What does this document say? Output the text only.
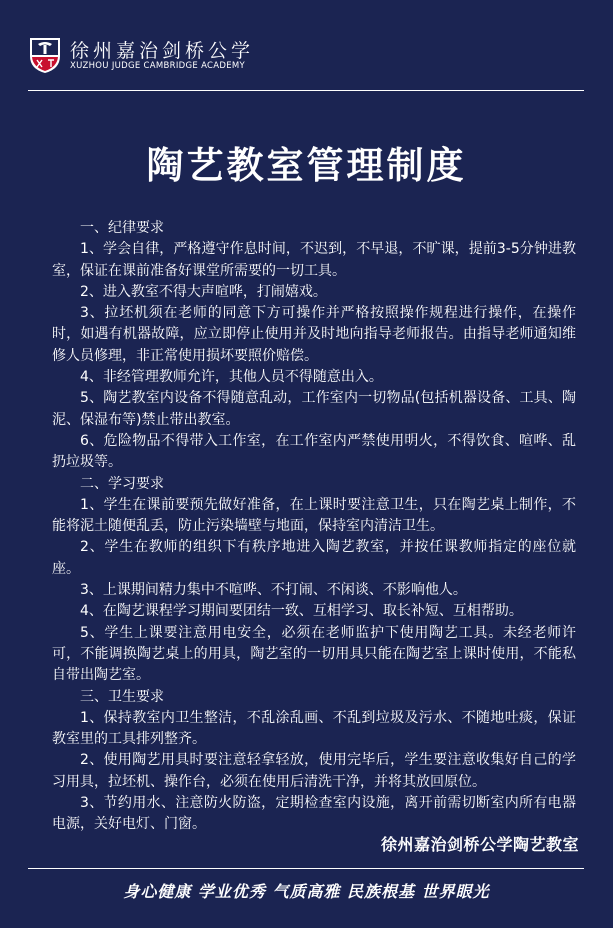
徐州嘉治剑桥公学
XUZHOU JUDGE CAMBRIDGE ACADEMY
陶艺教室管理制度

一、纪律要求

1、学会自律，严格遵守作息时间，不迟到，不早退，不旷课，提前3-5分钟进教室，保证在课前准备好课堂所需要的一切工具。

2、进入教室不得大声喧哗，打闹嬉戏。

3、拉坯机须在老师的同意下方可操作并严格按照操作规程进行操作，在操作时，如遇有机器故障，应立即停止使用并及时地向指导老师报告。由指导老师通知维修人员修理，非正常使用损坏要照价赔偿。

4、非经管理教师允许，其他人员不得随意出入。

5、陶艺教室内设备不得随意乱动，工作室内一切物品(包括机器设备、工具、陶泥、保湿布等)禁止带出教室。

6、危险物品不得带入工作室，在工作室内严禁使用明火，不得饮食、喧哗、乱扔垃圾等。

二、学习要求

1、学生在课前要预先做好准备，在上课时要注意卫生，只在陶艺桌上制作，不能将泥土随便乱丢，防止污染墙壁与地面，保持室内清洁卫生。

2、学生在教师的组织下有秩序地进入陶艺教室，并按任课教师指定的座位就座。

3、上课期间精力集中不喧哗、不打闹、不闲谈、不影响他人。

4、在陶艺课程学习期间要团结一致、互相学习、取长补短、互相帮助。

5、学生上课要注意用电安全，必须在老师监护下使用陶艺工具。未经老师许可，不能调换陶艺桌上的用具，陶艺室的一切用具只能在陶艺室上课时使用，不能私自带出陶艺室。

三、卫生要求

1、保持教室内卫生整洁，不乱涂乱画、不乱到垃圾及污水、不随地吐痰，保证教室里的工具排列整齐。

2、使用陶艺用具时要注意轻拿轻放，使用完毕后，学生要注意收集好自己的学习用具，拉坯机、操作台，必须在使用后清洗干净，并将其放回原位。

3、节约用水、注意防火防盗，定期检查室内设施，离开前需切断室内所有电器电源，关好电灯、门窗。

徐州嘉治剑桥公学陶艺教室
身心健康 学业优秀 气质高雅 民族根基 世界眼光
